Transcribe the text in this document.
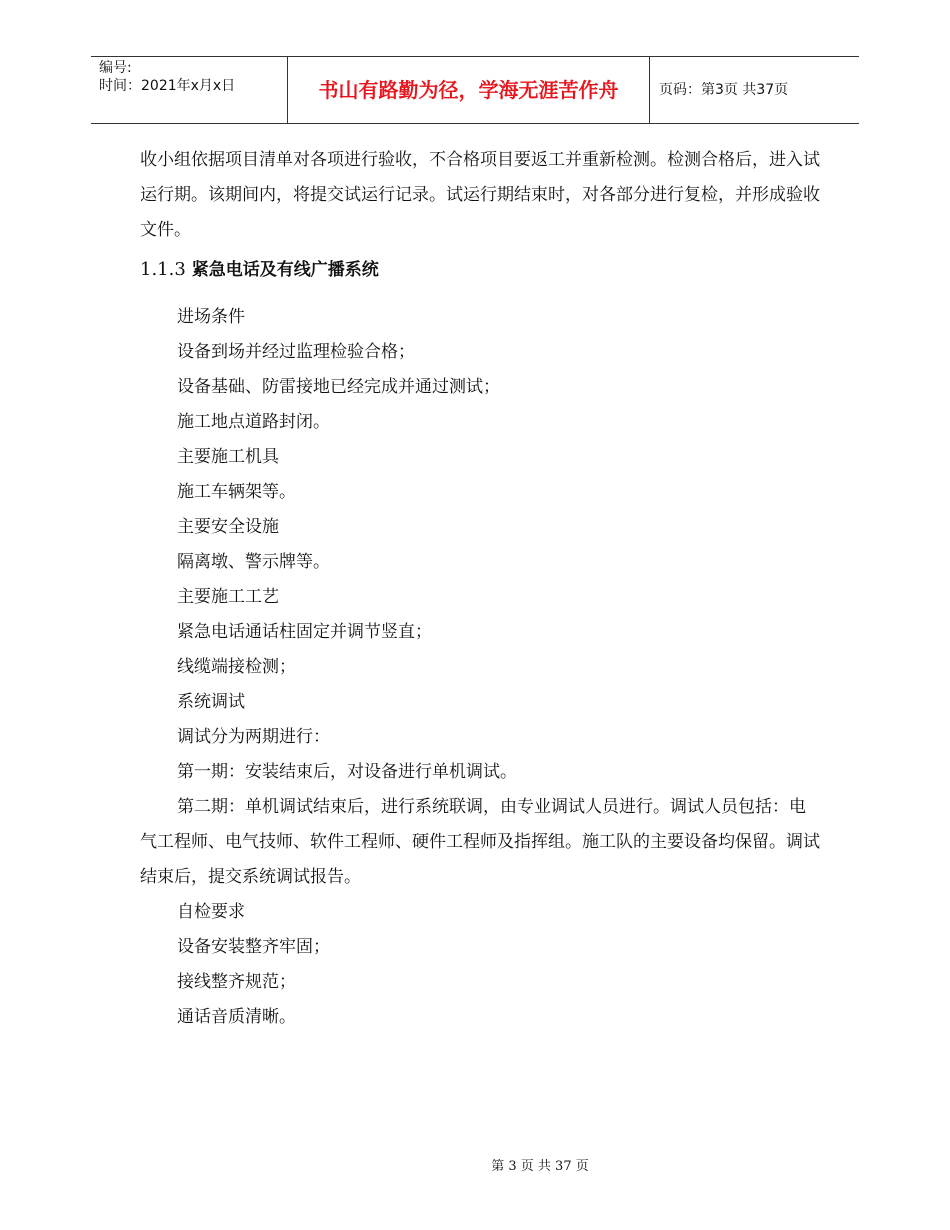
编号:
时间：2021年x月x日	书山有路勤为径，学海无涯苦作舟	页码：第3页 共37页

收小组依据项目清单对各项进行验收，不合格项目要返工并重新检测。检测合格后，进入试运行期。该期间内，将提交试运行记录。试运行期结束时，对各部分进行复检，并形成验收文件。

1.1.3 紧急电话及有线广播系统

进场条件

设备到场并经过监理检验合格；

设备基础、防雷接地已经完成并通过测试；

施工地点道路封闭。

主要施工机具

施工车辆架等。

主要安全设施

隔离墩、警示牌等。

主要施工工艺

紧急电话通话柱固定并调节竖直；

线缆端接检测；

系统调试

调试分为两期进行：

第一期：安装结束后，对设备进行单机调试。

第二期：单机调试结束后，进行系统联调，由专业调试人员进行。调试人员包括：电气工程师、电气技师、软件工程师、硬件工程师及指挥组。施工队的主要设备均保留。调试结束后，提交系统调试报告。

自检要求

设备安装整齐牢固；

接线整齐规范；

通话音质清晰。

第 3 页 共 37 页
